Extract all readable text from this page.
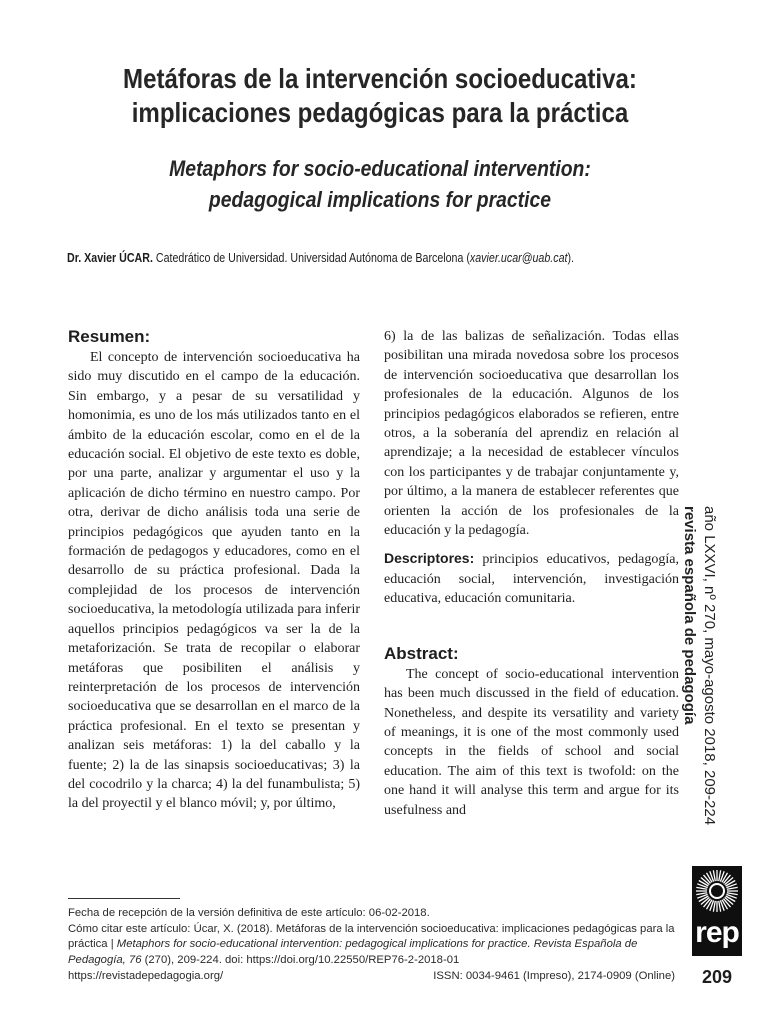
Metáforas de la intervención socioeducativa:
implicaciones pedagógicas para la práctica
Metaphors for socio-educational intervention:
pedagogical implications for practice
Dr. Xavier ÚCAR. Catedrático de Universidad. Universidad Autónoma de Barcelona (xavier.ucar@uab.cat).
Resumen:

El concepto de intervención socioeducativa ha sido muy discutido en el campo de la educación. Sin embargo, y a pesar de su versatilidad y homonimia, es uno de los más utilizados tanto en el ámbito de la educación escolar, como en el de la educación social. El objetivo de este texto es doble, por una parte, analizar y argumentar el uso y la aplicación de dicho término en nuestro campo. Por otra, derivar de dicho análisis toda una serie de principios pedagógicos que ayuden tanto en la formación de pedagogos y educadores, como en el desarrollo de su práctica profesional. Dada la complejidad de los procesos de intervención socioeducativa, la metodología utilizada para inferir aquellos principios pedagógicos va ser la de la metaforización. Se trata de recopilar o elaborar metáforas que posibiliten el análisis y reinterpretación de los procesos de intervención socioeducativa que se desarrollan en el marco de la práctica profesional. En el texto se presentan y analizan seis metáforas: 1) la del caballo y la fuente; 2) la de las sinapsis socioeducativas; 3) la del cocodrilo y la charca; 4) la del funambulista; 5) la del proyectil y el blanco móvil; y, por último,

6) la de las balizas de señalización. Todas ellas posibilitan una mirada novedosa sobre los procesos de intervención socioeducativa que desarrollan los profesionales de la educación. Algunos de los principios pedagógicos elaborados se refieren, entre otros, a la soberanía del aprendiz en relación al aprendizaje; a la necesidad de establecer vínculos con los participantes y de trabajar conjuntamente y, por último, a la manera de establecer referentes que orienten la acción de los profesionales de la educación y la pedagogía.

Descriptores: principios educativos, pedagogía, educación social, intervención, investigación educativa, educación comunitaria.

Abstract:

The concept of socio-educational intervention has been much discussed in the field of education. Nonetheless, and despite its versatility and variety of meanings, it is one of the most commonly used concepts in the fields of school and social education. The aim of this text is twofold: on the one hand it will analyse this term and argue for its usefulness and

Fecha de recepción de la versión definitiva de este artículo: 06-02-2018.

Cómo citar este artículo: Úcar, X. (2018). Metáforas de la intervención socioeducativa: implicaciones pedagógicas para la práctica | Metaphors for socio-educational intervention: pedagogical implications for practice. Revista Española de Pedagogía, 76 (270), 209-224. doi: https://doi.org/10.22550/REP76-2-2018-01

https://revistadepedagogia.org/	ISSN: 0034-9461 (Impreso), 2174-0909 (Online)
año LXXVI, nº 270, mayo-agosto 2018, 209-224
revista española de pedagogía
rep
209
